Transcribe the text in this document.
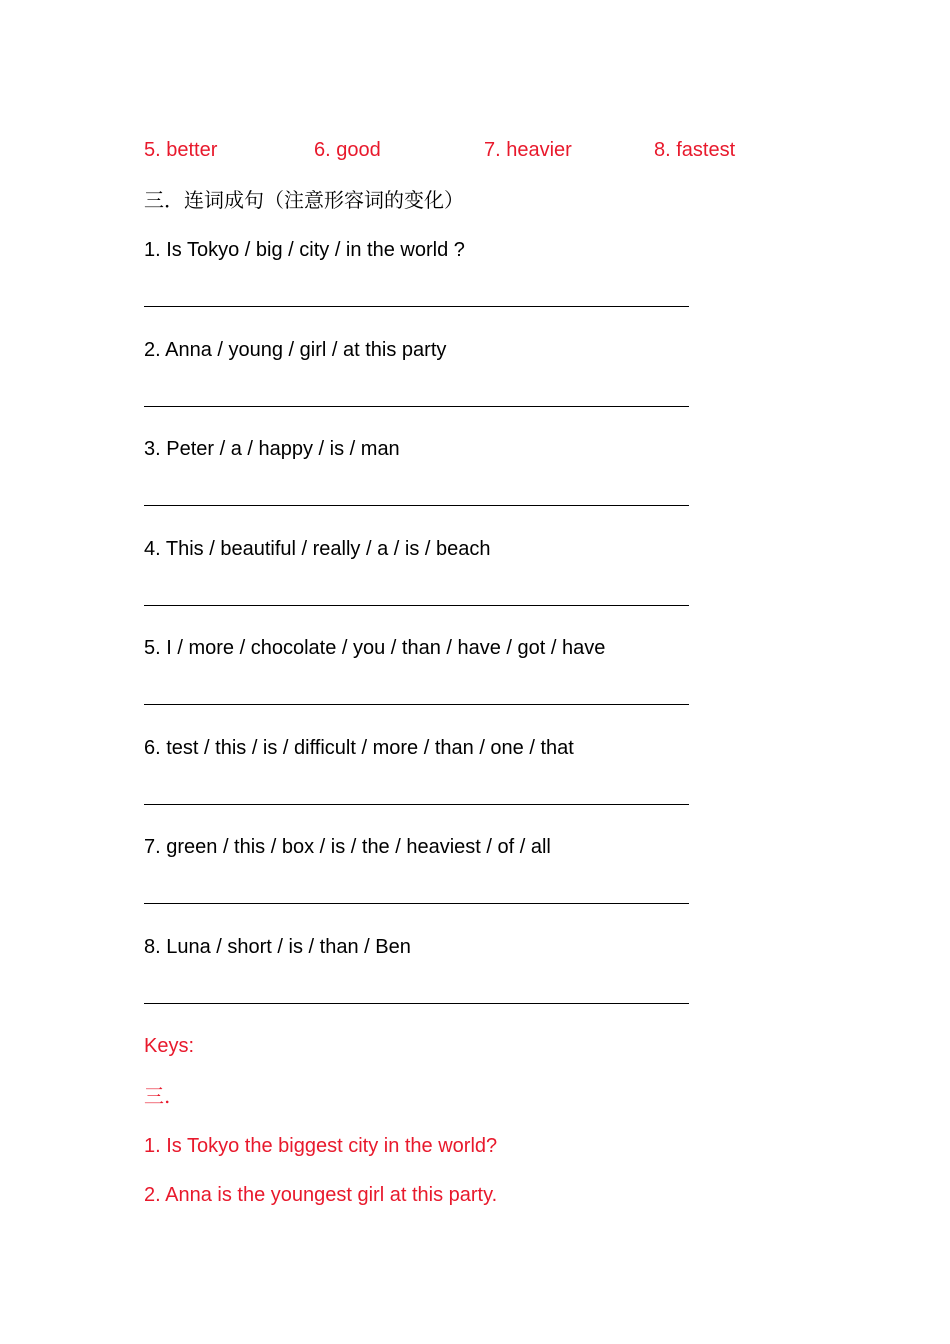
5. better	6. good	7. heavier	8. fastest
三．连词成句（注意形容词的变化）
1. Is Tokyo / big / city / in the world ?
2. Anna / young / girl / at this party
3. Peter / a / happy / is / man
4. This / beautiful / really / a / is / beach
5. I / more / chocolate / you / than / have / got / have
6. test / this / is / difficult / more / than / one / that
7. green / this / box / is / the / heaviest / of / all
8. Luna / short / is / than / Ben
Keys:
三.
1. Is Tokyo the biggest city in the world?
2. Anna is the youngest girl at this party.
